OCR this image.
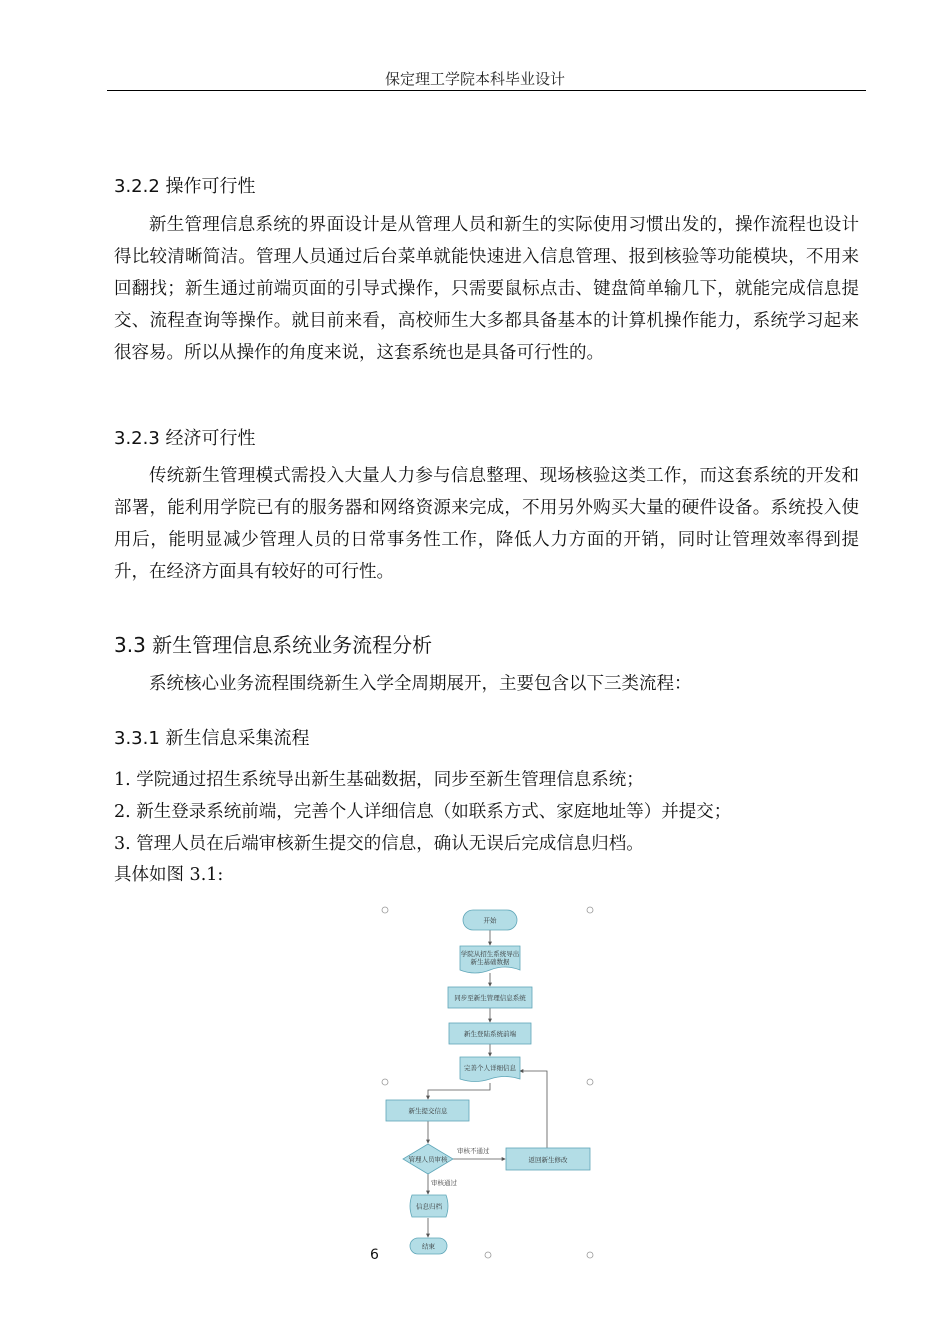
保定理工学院本科毕业设计
3.2.2 操作可行性
新生管理信息系统的界面设计是从管理人员和新生的实际使用习惯出发的，操作流程也设计得比较清晰简洁。管理人员通过后台菜单就能快速进入信息管理、报到核验等功能模块，不用来回翻找；新生通过前端页面的引导式操作，只需要鼠标点击、键盘简单输几下，就能完成信息提交、流程查询等操作。就目前来看，高校师生大多都具备基本的计算机操作能力，系统学习起来很容易。所以从操作的角度来说，这套系统也是具备可行性的。
3.2.3 经济可行性
传统新生管理模式需投入大量人力参与信息整理、现场核验这类工作，而这套系统的开发和部署，能利用学院已有的服务器和网络资源来完成，不用另外购买大量的硬件设备。系统投入使用后，能明显减少管理人员的日常事务性工作，降低人力方面的开销，同时让管理效率得到提升，在经济方面具有较好的可行性。
3.3 新生管理信息系统业务流程分析
系统核心业务流程围绕新生入学全周期展开，主要包含以下三类流程：
3.3.1 新生信息采集流程
1. 学院通过招生系统导出新生基础数据，同步至新生管理信息系统；
2. 新生登录系统前端，完善个人详细信息（如联系方式、家庭地址等）并提交；
3. 管理人员在后端审核新生提交的信息，确认无误后完成信息归档。
具体如图 3.1:
开始
学院从招生系统导出
新生基础数据
同步至新生管理信息系统
新生登陆系统前端
完善个人详细信息
新生提交信息
管理人员审核
审核不通过
审核通过
返回新生修改
信息归档
结束
6
